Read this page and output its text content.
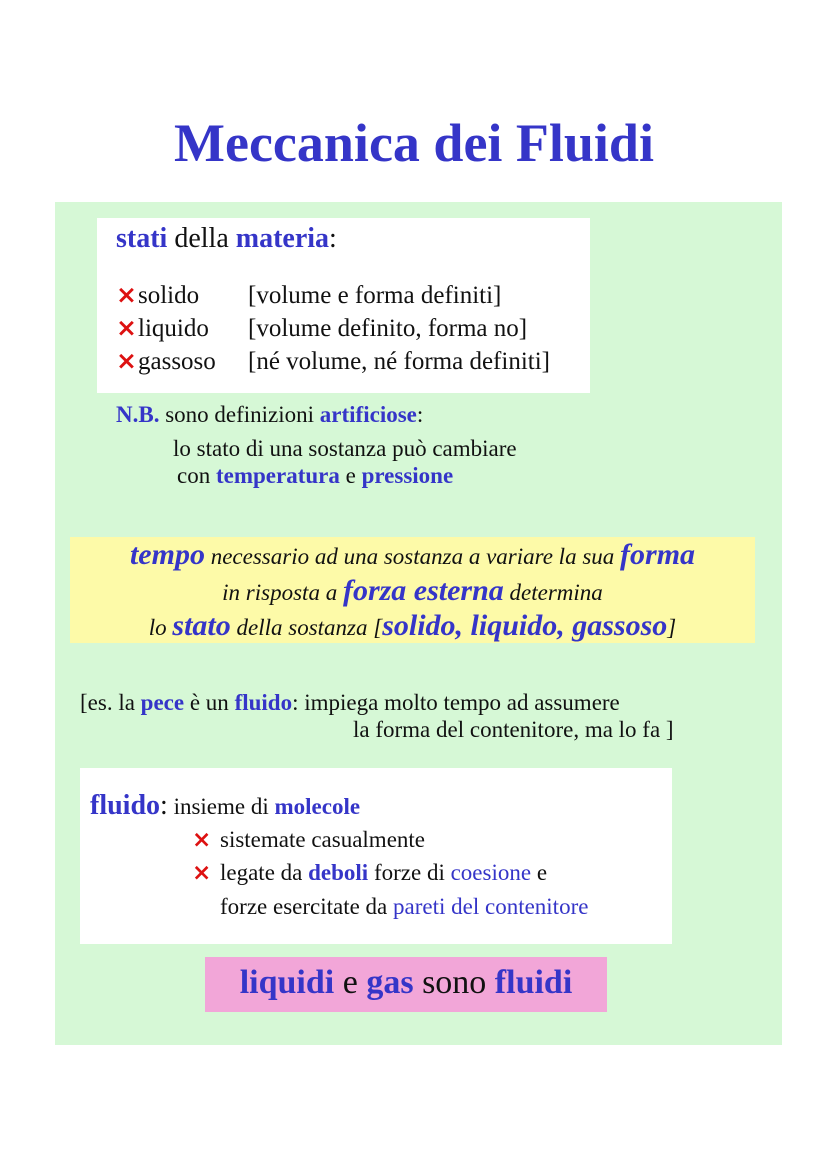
Meccanica dei Fluidi
stati della materia:
×solido [volume e forma definiti]
×liquido [volume definito, forma no]
×gassoso [né volume, né forma definiti]
N.B. sono definizioni artificiose:
lo stato di una sostanza può cambiare
con temperatura e pressione
tempo necessario ad una sostanza a variare la sua forma
in risposta a forza esterna determina
lo stato della sostanza [solido, liquido, gassoso]
[es. la pece è un fluido: impiega molto tempo ad assumere
la forma del contenitore, ma lo fa ]
fluido: insieme di molecole
× sistemate casualmente
× legate da deboli forze di coesione e
forze esercitate da pareti del contenitore
liquidi e gas sono fluidi
